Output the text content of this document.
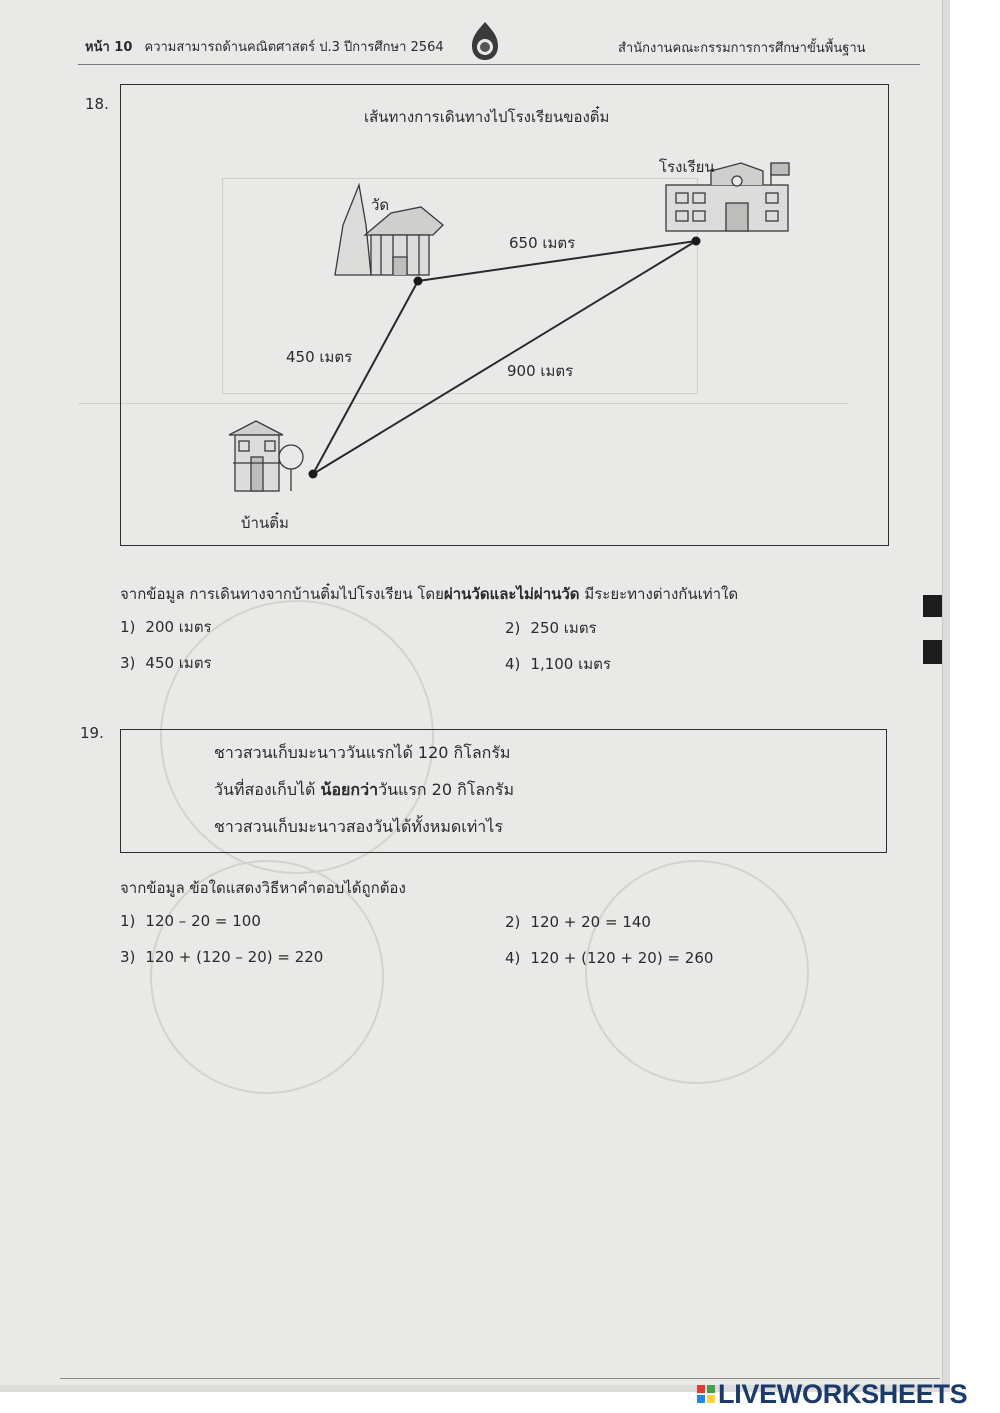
หน้า 10 ความสามารถด้านคณิตศาสตร์ ป.3 ปีการศึกษา 2564	สำนักงานคณะกรรมการการศึกษาขั้นพื้นฐาน
18.
เส้นทางการเดินทางไปโรงเรียนของติ๋ม
วัด
โรงเรียน
บ้านติ๋ม
650 เมตร
450 เมตร
900 เมตร
จากข้อมูล การเดินทางจากบ้านติ๋มไปโรงเรียน โดยผ่านวัดและไม่ผ่านวัด มีระยะทางต่างกันเท่าใด
1) 200 เมตร	2) 250 เมตร
3) 450 เมตร	4) 1,100 เมตร
19.
ชาวสวนเก็บมะนาววันแรกได้ 120 กิโลกรัม
วันที่สองเก็บได้ น้อยกว่าวันแรก 20 กิโลกรัม
ชาวสวนเก็บมะนาวสองวันได้ทั้งหมดเท่าไร
จากข้อมูล ข้อใดแสดงวิธีหาคำตอบได้ถูกต้อง
1) 120 – 20 = 100	2) 120 + 20 = 140
3) 120 + (120 – 20) = 220	4) 120 + (120 + 20) = 260
LIVEWORKSHEETS
